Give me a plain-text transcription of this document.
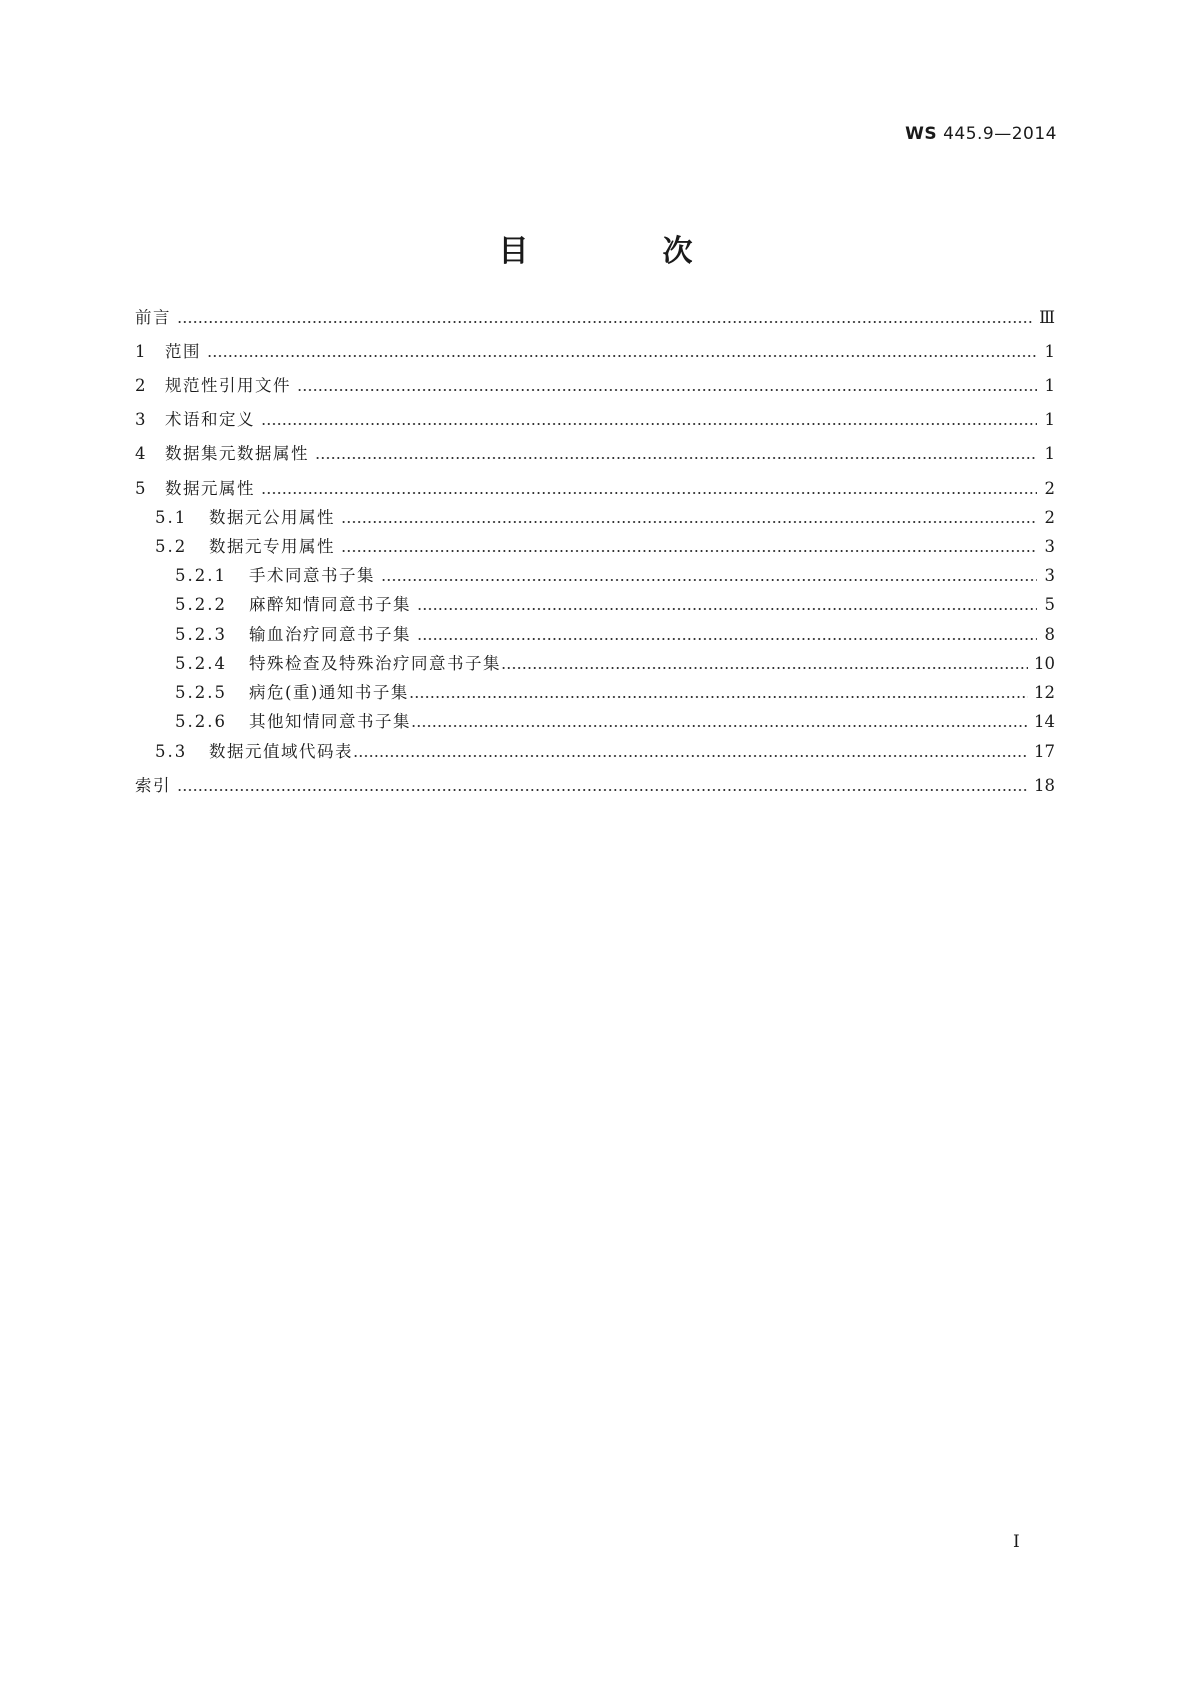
WS 445.9—2014
目　次
前言	Ⅲ
1	范围	1
2	规范性引用文件	1
3	术语和定义	1
4	数据集元数据属性	1
5	数据元属性	2
5.1	数据元公用属性	2
5.2	数据元专用属性	3
5.2.1	手术同意书子集	3
5.2.2	麻醉知情同意书子集	5
5.2.3	输血治疗同意书子集	8
5.2.4	特殊检查及特殊治疗同意书子集	10
5.2.5	病危(重)通知书子集	12
5.2.6	其他知情同意书子集	14
5.3	数据元值域代码表	17
索引	18
I
